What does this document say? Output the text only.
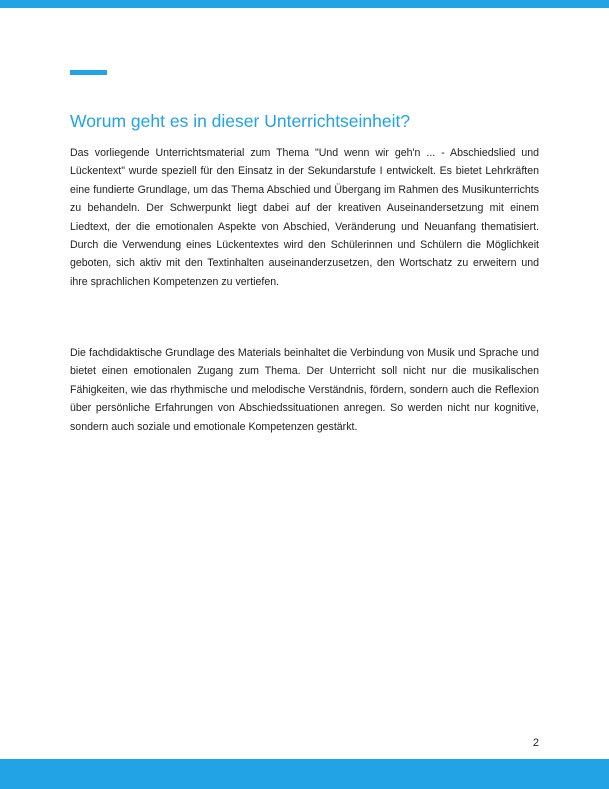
Worum geht es in dieser Unterrichtseinheit?

Das vorliegende Unterrichtsmaterial zum Thema "Und wenn wir geh'n ... - Abschiedslied und Lückentext" wurde speziell für den Einsatz in der Sekundarstufe I entwickelt. Es bietet Lehrkräften eine fundierte Grundlage, um das Thema Abschied und Übergang im Rahmen des Musikunterrichts zu behandeln. Der Schwerpunkt liegt dabei auf der kreativen Auseinandersetzung mit einem Liedtext, der die emotionalen Aspekte von Abschied, Veränderung und Neuanfang thematisiert. Durch die Verwendung eines Lückentextes wird den Schülerinnen und Schülern die Möglichkeit geboten, sich aktiv mit den Textinhalten auseinanderzusetzen, den Wortschatz zu erweitern und ihre sprachlichen Kompetenzen zu vertiefen.

Die fachdidaktische Grundlage des Materials beinhaltet die Verbindung von Musik und Sprache und bietet einen emotionalen Zugang zum Thema. Der Unterricht soll nicht nur die musikalischen Fähigkeiten, wie das rhythmische und melodische Verständnis, fördern, sondern auch die Reflexion über persönliche Erfahrungen von Abschiedssituationen anregen. So werden nicht nur kognitive, sondern auch soziale und emotionale Kompetenzen gestärkt.

2
